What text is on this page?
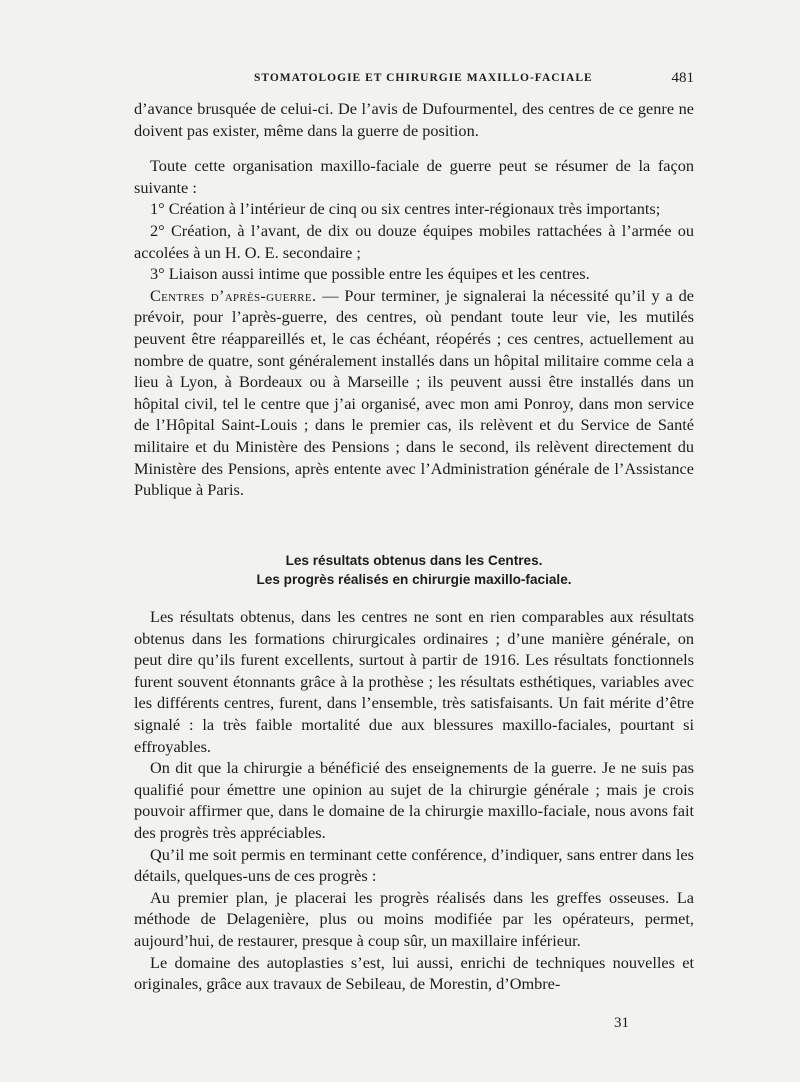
STOMATOLOGIE ET CHIRURGIE MAXILLO-FACIALE	481

d’avance brusquée de celui-ci. De l’avis de Dufourmentel, des centres de ce genre ne doivent pas exister, même dans la guerre de position.

Toute cette organisation maxillo-faciale de guerre peut se résumer de la façon suivante :

1° Création à l’intérieur de cinq ou six centres inter-régionaux très importants;

2° Création, à l’avant, de dix ou douze équipes mobiles rattachées à l’armée ou accolées à un H. O. E. secondaire ;

3° Liaison aussi intime que possible entre les équipes et les centres.

Centres d’après-guerre. — Pour terminer, je signalerai la nécessité qu’il y a de prévoir, pour l’après-guerre, des centres, où pendant toute leur vie, les mutilés peuvent être réappareillés et, le cas échéant, réopérés ; ces centres, actuellement au nombre de quatre, sont généralement installés dans un hôpital militaire comme cela a lieu à Lyon, à Bordeaux ou à Marseille ; ils peuvent aussi être installés dans un hôpital civil, tel le centre que j’ai organisé, avec mon ami Ponroy, dans mon service de l’Hôpital Saint-Louis ; dans le premier cas, ils relèvent et du Service de Santé militaire et du Ministère des Pensions ; dans le second, ils relèvent directement du Ministère des Pensions, après entente avec l’Administration générale de l’Assistance Publique à Paris.

Les résultats obtenus dans les Centres.
Les progrès réalisés en chirurgie maxillo-faciale.

Les résultats obtenus, dans les centres ne sont en rien comparables aux résultats obtenus dans les formations chirurgicales ordinaires ; d’une manière générale, on peut dire qu’ils furent excellents, surtout à partir de 1916. Les résultats fonctionnels furent souvent étonnants grâce à la prothèse ; les résultats esthétiques, variables avec les différents centres, furent, dans l’ensemble, très satisfaisants. Un fait mérite d’être signalé : la très faible mortalité due aux blessures maxillo-faciales, pourtant si effroyables.

On dit que la chirurgie a bénéficié des enseignements de la guerre. Je ne suis pas qualifié pour émettre une opinion au sujet de la chirurgie générale ; mais je crois pouvoir affirmer que, dans le domaine de la chirurgie maxillo-faciale, nous avons fait des progrès très appréciables.

Qu’il me soit permis en terminant cette conférence, d’indiquer, sans entrer dans les détails, quelques-uns de ces progrès :

Au premier plan, je placerai les progrès réalisés dans les greffes osseuses. La méthode de Delagenière, plus ou moins modifiée par les opérateurs, permet, aujourd’hui, de restaurer, presque à coup sûr, un maxillaire inférieur.

Le domaine des autoplasties s’est, lui aussi, enrichi de techniques nouvelles et originales, grâce aux travaux de Sebileau, de Morestin, d’Ombre-

31
